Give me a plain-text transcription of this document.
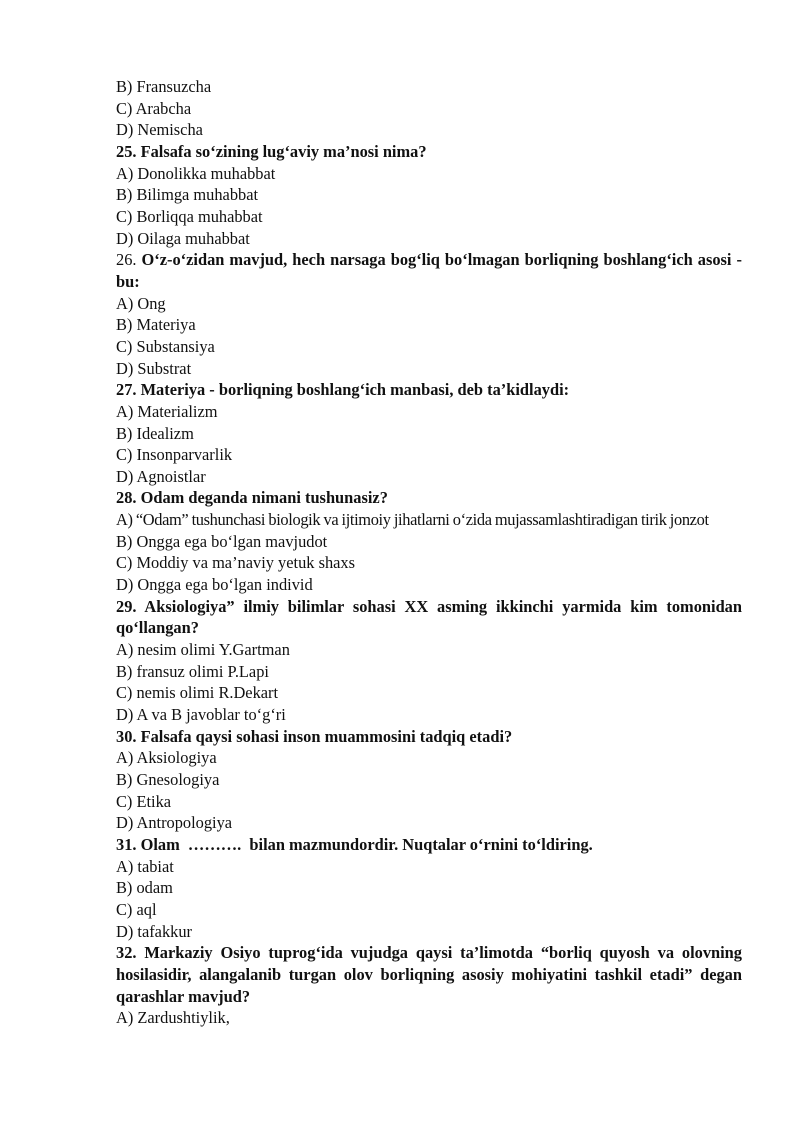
B) Fransuzcha
C) Arabcha
D) Nemischa
25. Falsafa so‘zining lug‘aviy ma’nosi nima?
A) Donolikka muhabbat
B) Bilimga muhabbat
C) Borliqqa muhabbat
D) Oilaga muhabbat
26. O‘z-o‘zidan mavjud, hech narsaga bog‘liq bo‘lmagan borliqning boshlang‘ich asosi - bu:
A) Ong
B) Materiya
C) Substansiya
D) Substrat
27. Materiya - borliqning boshlang‘ich manbasi, deb ta’kidlaydi:
A) Materializm
B) Idealizm
C) Insonparvarlik
D) Agnoistlar
28. Odam deganda nimani tushunasiz?
A) “Odam” tushunchasi biologik va ijtimoiy jihatlarni o‘zida mujassamlashtiradigan tirik jonzot
B) Ongga ega bo‘lgan mavjudot
C) Moddiy va ma’naviy yetuk shaxs
D) Ongga ega bo‘lgan individ
29. Aksiologiya” ilmiy bilimlar sohasi XX asming ikkinchi yarmida kim tomonidan qo‘llangan?
A) nesim olimi Y.Gartman
B) fransuz olimi P.Lapi
C) nemis olimi R.Dekart
D) A va B javoblar to‘g‘ri
30. Falsafa qaysi sohasi inson muammosini tadqiq etadi?
A) Aksiologiya
B) Gnesologiya
C) Etika
D) Antropologiya
31. Olam  ……….  bilan mazmundordir. Nuqtalar o‘rnini to‘ldiring.
A) tabiat
B) odam
C) aql
D) tafakkur
32. Markaziy Osiyo tuprog‘ida vujudga qaysi ta’limotda “borliq quyosh va olovning hosilasidir, alangalanib turgan olov borliqning asosiy mohiyatini tashkil etadi” degan qarashlar mavjud?
A) Zardushtiylik,
